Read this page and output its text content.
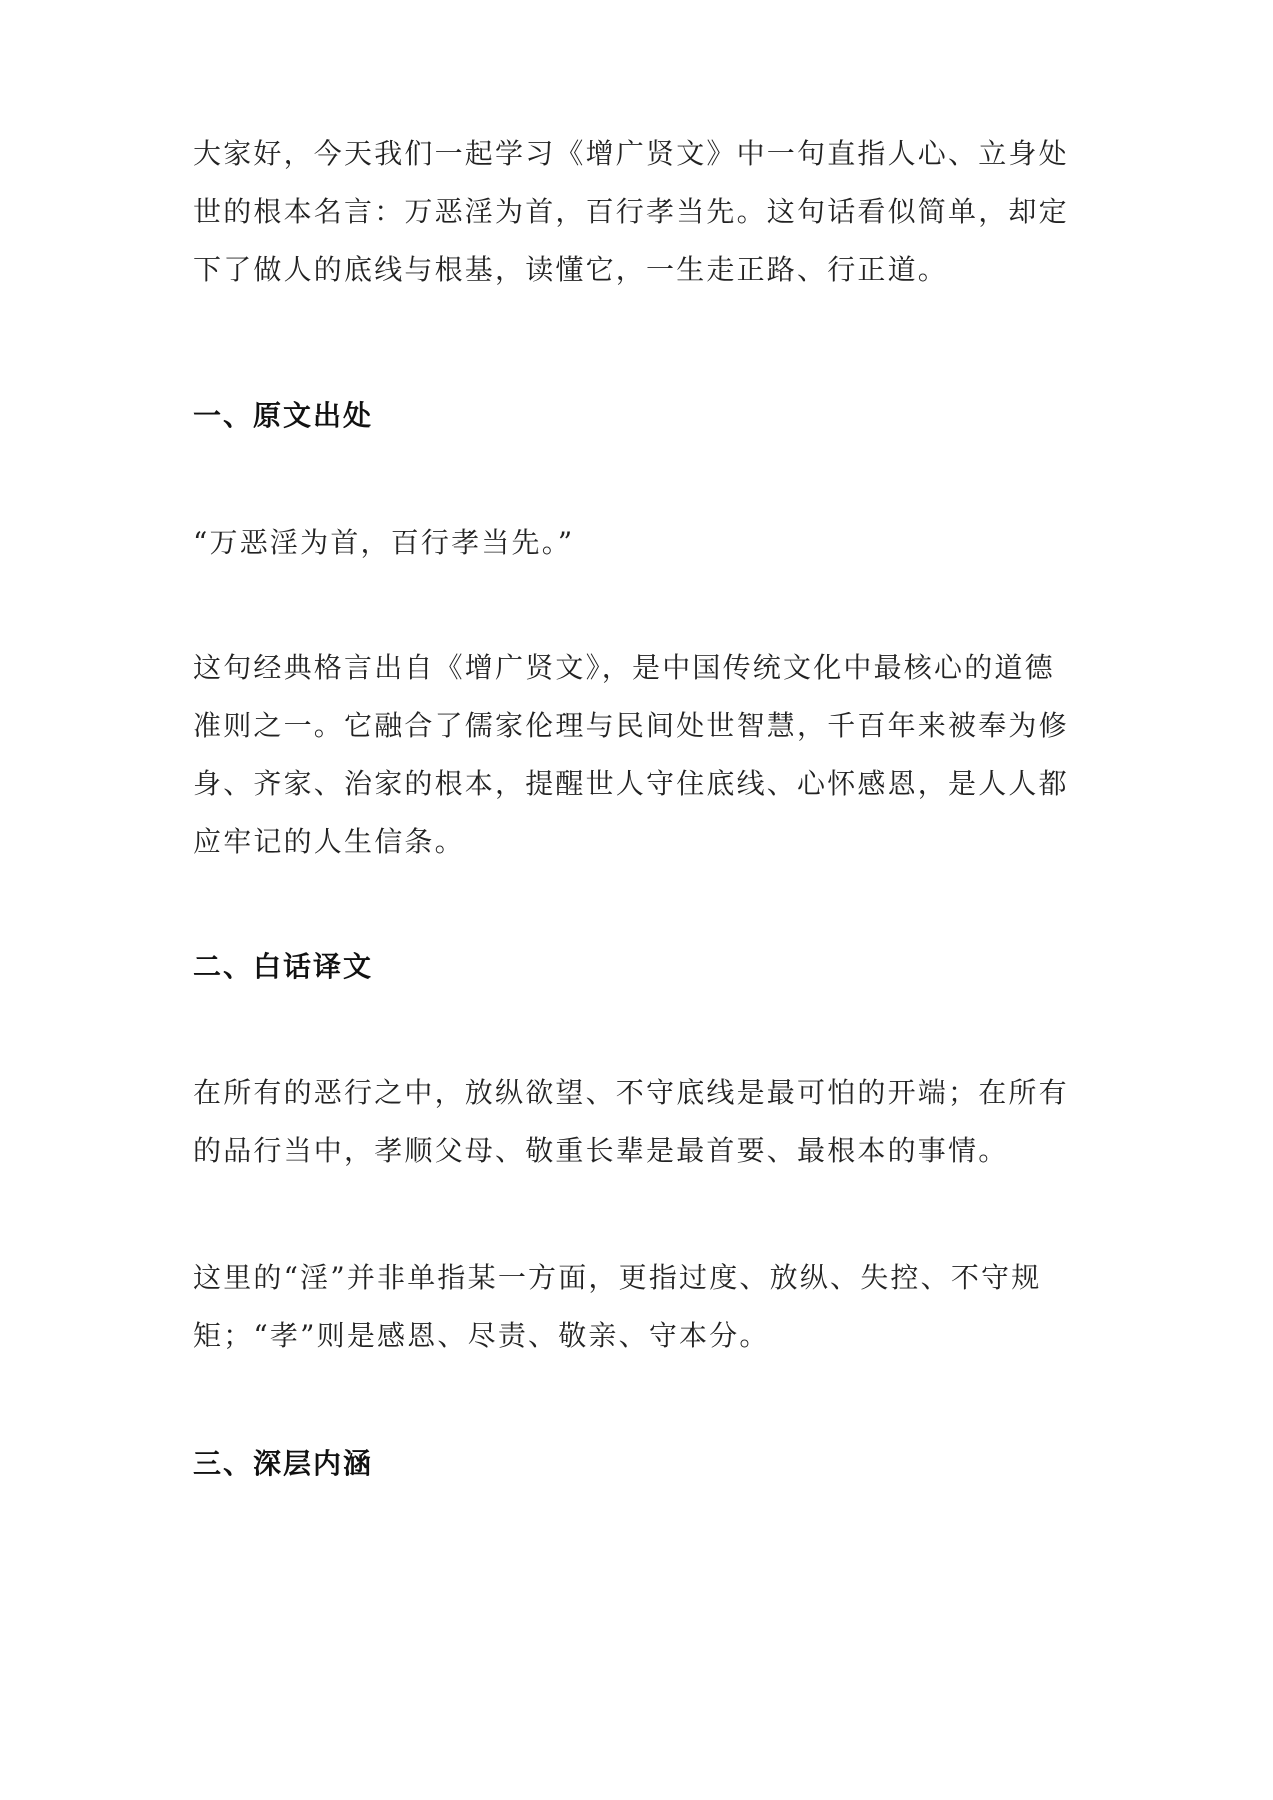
大家好，今天我们一起学习《增广贤文》中一句直指人心、立身处世的根本名言：万恶淫为首，百行孝当先。这句话看似简单，却定下了做人的底线与根基，读懂它，一生走正路、行正道。

一、原文出处

“万恶淫为首，百行孝当先。”

这句经典格言出自《增广贤文》，是中国传统文化中最核心的道德准则之一。它融合了儒家伦理与民间处世智慧，千百年来被奉为修身、齐家、治家的根本，提醒世人守住底线、心怀感恩，是人人都应牢记的人生信条。

二、白话译文

在所有的恶行之中，放纵欲望、不守底线是最可怕的开端；在所有的品行当中，孝顺父母、敬重长辈是最首要、最根本的事情。

这里的“淫”并非单指某一方面，更指过度、放纵、失控、不守规矩；“孝”则是感恩、尽责、敬亲、守本分。

三、深层内涵
